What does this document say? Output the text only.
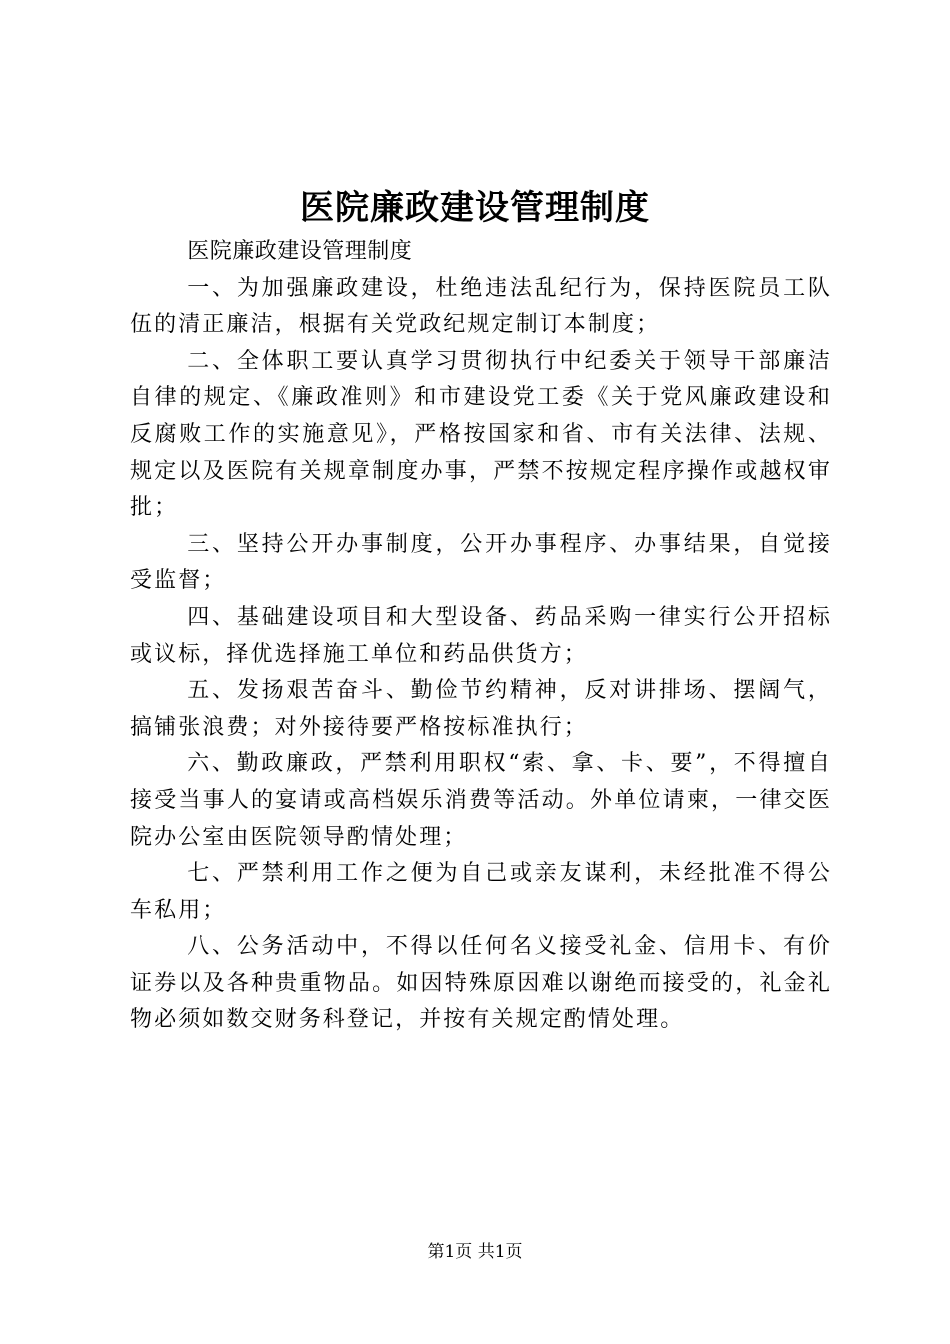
医院廉政建设管理制度

医院廉政建设管理制度

一、为加强廉政建设，杜绝违法乱纪行为，保持医院员工队伍的清正廉洁，根据有关党政纪规定制订本制度；

二、全体职工要认真学习贯彻执行中纪委关于领导干部廉洁自律的规定、《廉政准则》和市建设党工委《关于党风廉政建设和反腐败工作的实施意见》，严格按国家和省、市有关法律、法规、规定以及医院有关规章制度办事，严禁不按规定程序操作或越权审批；

三、坚持公开办事制度，公开办事程序、办事结果，自觉接受监督；

四、基础建设项目和大型设备、药品采购一律实行公开招标或议标，择优选择施工单位和药品供货方；

五、发扬艰苦奋斗、勤俭节约精神，反对讲排场、摆阔气，搞铺张浪费；对外接待要严格按标准执行；

六、勤政廉政，严禁利用职权“索、拿、卡、要”，不得擅自接受当事人的宴请或高档娱乐消费等活动。外单位请柬，一律交医院办公室由医院领导酌情处理；

七、严禁利用工作之便为自己或亲友谋利，未经批准不得公车私用；

八、公务活动中，不得以任何名义接受礼金、信用卡、有价证券以及各种贵重物品。如因特殊原因难以谢绝而接受的，礼金礼物必须如数交财务科登记，并按有关规定酌情处理。

第1页 共1页
